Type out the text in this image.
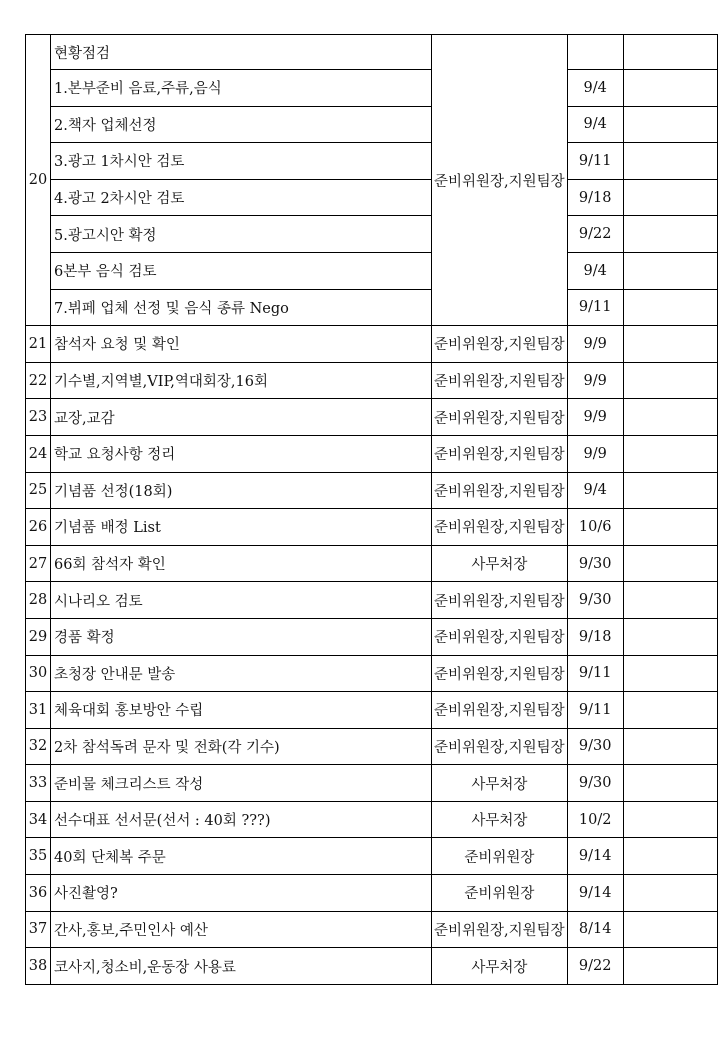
20	현황점검	준비위원장,지원팀장		
	1.본부준비 음료,주류,음식		9/4	
	2.책자 업체선정		9/4	
	3.광고 1차시안 검토		9/11	
	4.광고 2차시안 검토		9/18	
	5.광고시안 확정		9/22	
	6본부 음식 검토		9/4	
	7.뷔페 업체 선정 및 음식 종류 Nego		9/11	
21	참석자 요청 및 확인	준비위원장,지원팀장	9/9	
22	기수별,지역별,VIP,역대회장,16회	준비위원장,지원팀장	9/9	
23	교장,교감	준비위원장,지원팀장	9/9	
24	학교 요청사항 정리	준비위원장,지원팀장	9/9	
25	기념품 선정(18회)	준비위원장,지원팀장	9/4	
26	기념품 배정 List	준비위원장,지원팀장	10/6	
27	66회 참석자 확인	사무처장	9/30	
28	시나리오 검토	준비위원장,지원팀장	9/30	
29	경품 확정	준비위원장,지원팀장	9/18	
30	초청장 안내문 발송	준비위원장,지원팀장	9/11	
31	체육대회 홍보방안 수립	준비위원장,지원팀장	9/11	
32	2차 참석독려 문자 및 전화(각 기수)	준비위원장,지원팀장	9/30	
33	준비물 체크리스트 작성	사무처장	9/30	
34	선수대표 선서문(선서 : 40회 ???)	사무처장	10/2	
35	40회 단체복 주문	준비위원장	9/14	
36	사진촬영?	준비위원장	9/14	
37	간사,홍보,주민인사 예산	준비위원장,지원팀장	8/14	
38	코사지,청소비,운동장 사용료	사무처장	9/22	
